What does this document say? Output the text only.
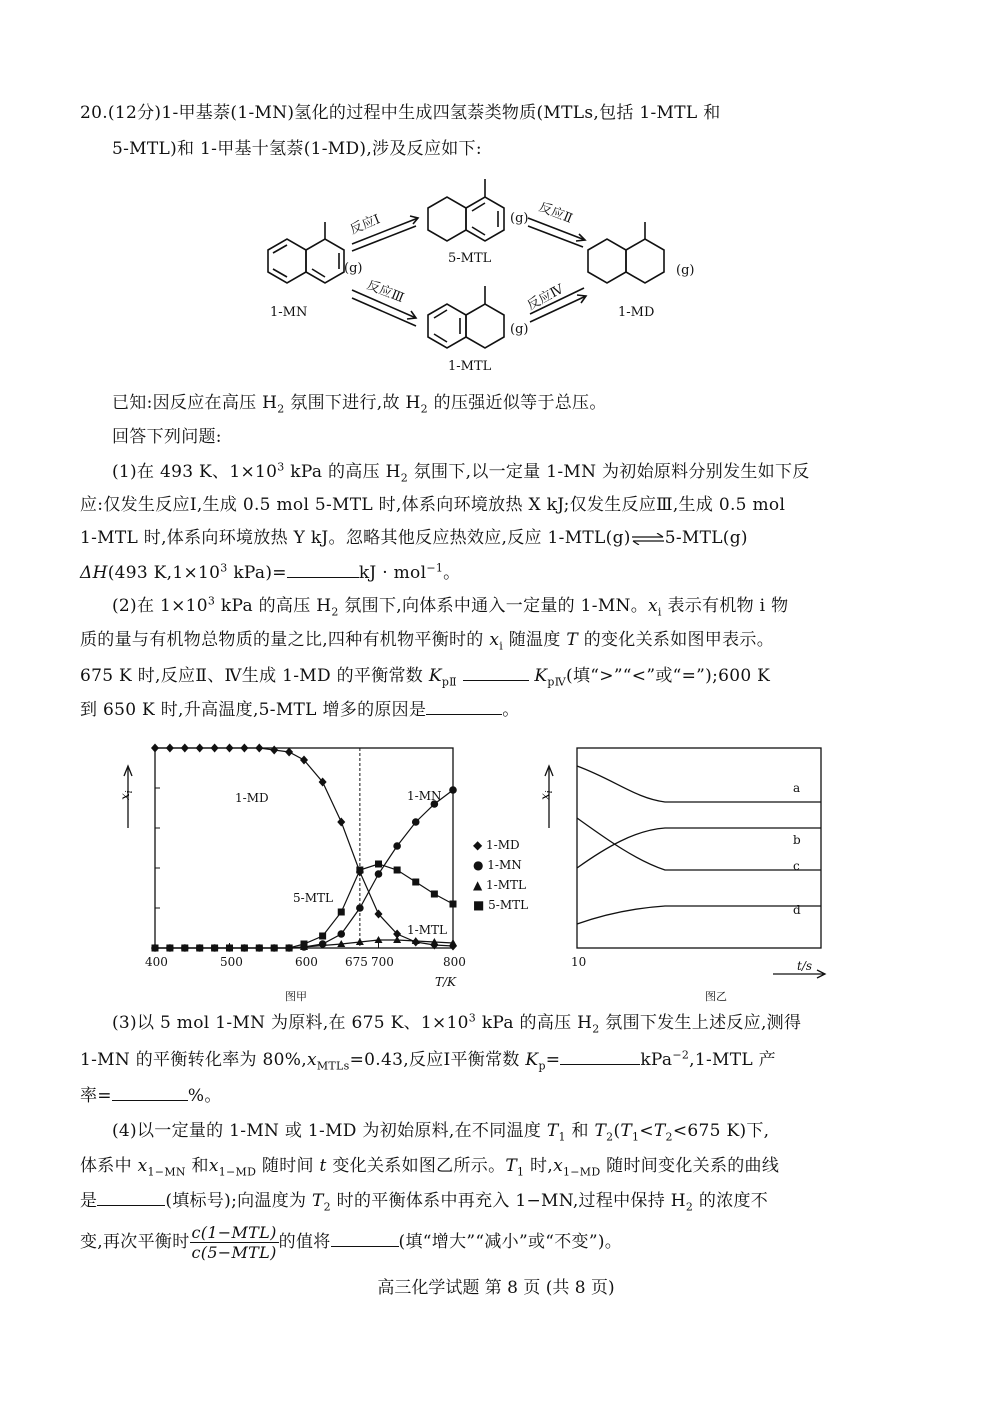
20.(12分)1-甲基萘(1-MN)氢化的过程中生成四氢萘类物质(MTLs,包括 1-MTL 和
5-MTL)和 1-甲基十氢萘(1-MD),涉及反应如下:
(g)
(g)
(g)
(g)
1-MN
5-MTL
1-MTL
1-MD
反应Ⅰ	反应Ⅱ
反应Ⅲ	反应Ⅳ
已知:因反应在高压 $H_2$ 氛围下进行,故 $H_2$ 的压强近似等于总压。
回答下列问题:
(1)在 493 K、$1\times 10^3$ kPa 的高压 $H_2$ 氛围下,以一定量 1-MN 为初始原料分别发生如下反
应:仅发生反应Ⅰ,生成 0.5 mol 5-MTL 时,体系向环境放热 X kJ;仅发生反应Ⅲ,生成 0.5 mol
1-MTL 时,体系向环境放热 Y kJ。忽略其他反应热效应,反应 1-MTL(g)⇌5-MTL(g)
ΔH(493 $K,1\times 10^3$ kPa)=	kJ · mol$^{-1}$。
(2)在 $1\times 10^3$ kPa 的高压 $H_2$ 氛围下,向体系中通入一定量的 1-MN。$x_i$ 表示有机物 i 物
质的量与有机物总物质的量之比,四种有机物平衡时的 $x_i$ 随温度 T 的变化关系如图甲表示。
675 K 时,反应Ⅱ、Ⅳ生成 1-MD 的平衡常数 $K_{pⅡ}$	$K_{pⅣ}$(填“>”“<”或“=”);600 K
到 650 K 时,升高温度,5-MTL 增多的原因是	。
$x_i$	1-MD	1-MN
5-MTL
1-MTL
◆ 1-MD
● 1-MN
▲ 1-MTL
■ 5-MTL
400	500	600 675 700	800
T/K
图甲
$x_i$	a
b
c
d
10	t/s
图乙
(3)以 5 mol 1-MN 为原料,在 675 K、$1\times 10^3$ kPa 的高压 $H_2$ 氛围下发生上述反应,测得
1-MN 的平衡转化率为 $80\%,x_{MTLs}=0.43$,反应Ⅰ平衡常数 $K_p=$	kPa$^{-2}$,1-MTL 产
率=	%。
(4)以一定量的 1-MN 或 1-MD 为初始原料,在不同温度 $T_1$ 和 $T_2(T_1<T_2<675$ K)下,
体系中 $x_{1-MN}$ 和$x_{1-MD}$ 随时间 t 变化关系如图乙所示。$T_1$ 时$,x_{1-MD}$ 随时间变化关系的曲线
是	(填标号);向温度为 $T_2$ 时的平衡体系中再充入 1−MN,过程中保持 $H_2$ 的浓度不
变,再次平衡时 $\frac{\text{c(1−MTL)}}{\text{c(5−MTL)}}$ 的值将	(填“增大”“减小”或“不变”)。
高三化学试题 第 8 页 (共 8 页)
